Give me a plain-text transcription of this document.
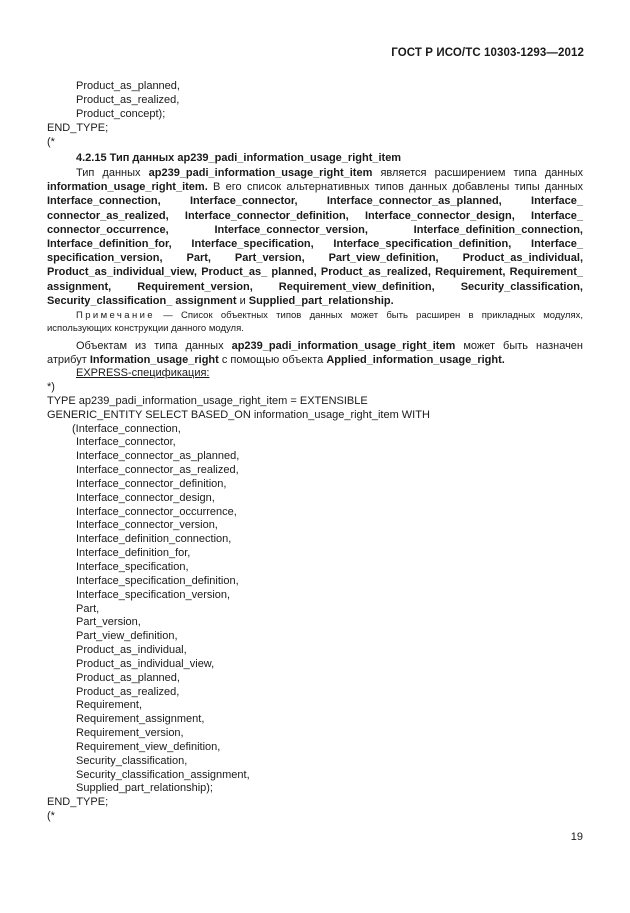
ГОСТ Р ИСО/ТС 10303-1293—2012
Product_as_planned,
Product_as_realized,
Product_concept);
END_TYPE;
(*
4.2.15 Тип данных ap239_padi_information_usage_right_item
Тип данных ap239_padi_information_usage_right_item является расширением типа данных information_usage_right_item. В его список альтернативных типов данных добавлены типы данных Interface_connection, Interface_connector, Interface_connector_as_planned, Interface_ connector_as_realized, Interface_connector_definition, Interface_connector_design, Interface_ connector_occurrence, Interface_connector_version, Interface_definition_connection, Interface_definition_for, Interface_specification, Interface_specification_definition, Interface_ specification_version, Part, Part_version, Part_view_definition, Product_as_individual, Product_as_individual_view, Product_as_ planned, Product_as_realized, Requirement, Requirement_ assignment, Requirement_version, Requirement_view_definition, Security_classification, Security_classification_ assignment и Supplied_part_relationship.
Примечание — Список объектных типов данных может быть расширен в прикладных модулях, использующих конструкции данного модуля.
Объектам из типа данных ap239_padi_information_usage_right_item может быть назначен атрибут Information_usage_right с помощью объекта Applied_information_usage_right.
EXPRESS-спецификация:
*)
TYPE ap239_padi_information_usage_right_item = EXTENSIBLE
GENERIC_ENTITY SELECT BASED_ON information_usage_right_item WITH
(Interface_connection,
Interface_connector,
Interface_connector_as_planned,
Interface_connector_as_realized,
Interface_connector_definition,
Interface_connector_design,
Interface_connector_occurrence,
Interface_connector_version,
Interface_definition_connection,
Interface_definition_for,
Interface_specification,
Interface_specification_definition,
Interface_specification_version,
Part,
Part_version,
Part_view_definition,
Product_as_individual,
Product_as_individual_view,
Product_as_planned,
Product_as_realized,
Requirement,
Requirement_assignment,
Requirement_version,
Requirement_view_definition,
Security_classification,
Security_classification_assignment,
Supplied_part_relationship);
END_TYPE;
(*
19
